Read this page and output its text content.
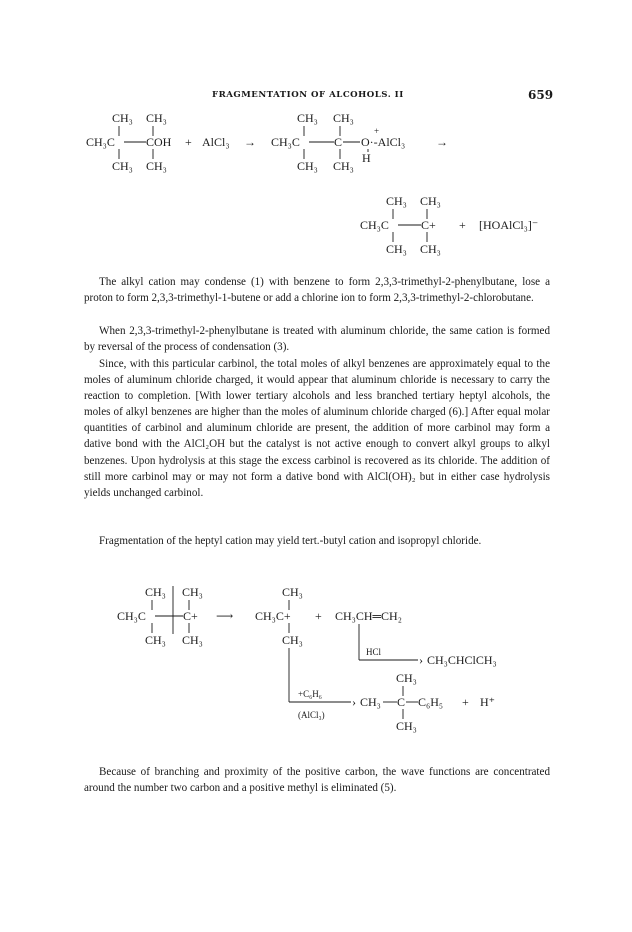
FRAGMENTATION OF ALCOHOLS. II	659
CH₃ CH₃
CH₃C	COH
CH₃ CH₃
+ AlCl₃ →
CH₃ CH₃
CH₃C	C
+
O·-AlCl₃
H
CH₃ CH₃
→
CH₃ CH₃
CH₃C	C+
CH₃ CH₃
+ [HOAlCl₃]⁻

The alkyl cation may condense (1) with benzene to form 2,3,3-trimethyl-2-phenylbutane, lose a proton to form 2,3,3-trimethyl-1-butene or add a chlorine ion to form 2,3,3-trimethyl-2-chlorobutane.

When 2,3,3-trimethyl-2-phenylbutane is treated with aluminum chloride, the same cation is formed by reversal of the process of condensation (3).

Since, with this particular carbinol, the total moles of alkyl benzenes are approximately equal to the moles of aluminum chloride charged, it would appear that aluminum chloride is necessary to carry the reaction to completion. [With lower tertiary alcohols and less branched tertiary heptyl alcohols, the moles of alkyl benzenes are higher than the moles of aluminum chloride charged (6).] After equal molar quantities of carbinol and aluminum chloride are present, the addition of more carbinol may form a dative bond with the AlCl₂OH but the catalyst is not active enough to convert alkyl groups to alkyl benzenes. Upon hydrolysis at this stage the excess carbinol is recovered as its chloride. The addition of still more carbinol may or may not form a dative bond with AlCl(OH)₂ but in either case hydrolysis yields unchanged carbinol.

Fragmentation of the heptyl cation may yield tert.-butyl cation and isopropyl chloride.

CH₃ CH₃
CH₃C	C+
CH₃ CH₃
⟶
CH₃
CH₃C+
CH₃
+ CH₃CH═CH₂
HCl
› CH₃CHClCH₃
›
+C₆H₆
(AlCl₃)
CH₃
CH₃ C C₆H₅
CH₃
+ H⁺

Because of branching and proximity of the positive carbon, the wave functions are concentrated around the number two carbon and a positive methyl is eliminated (5).
